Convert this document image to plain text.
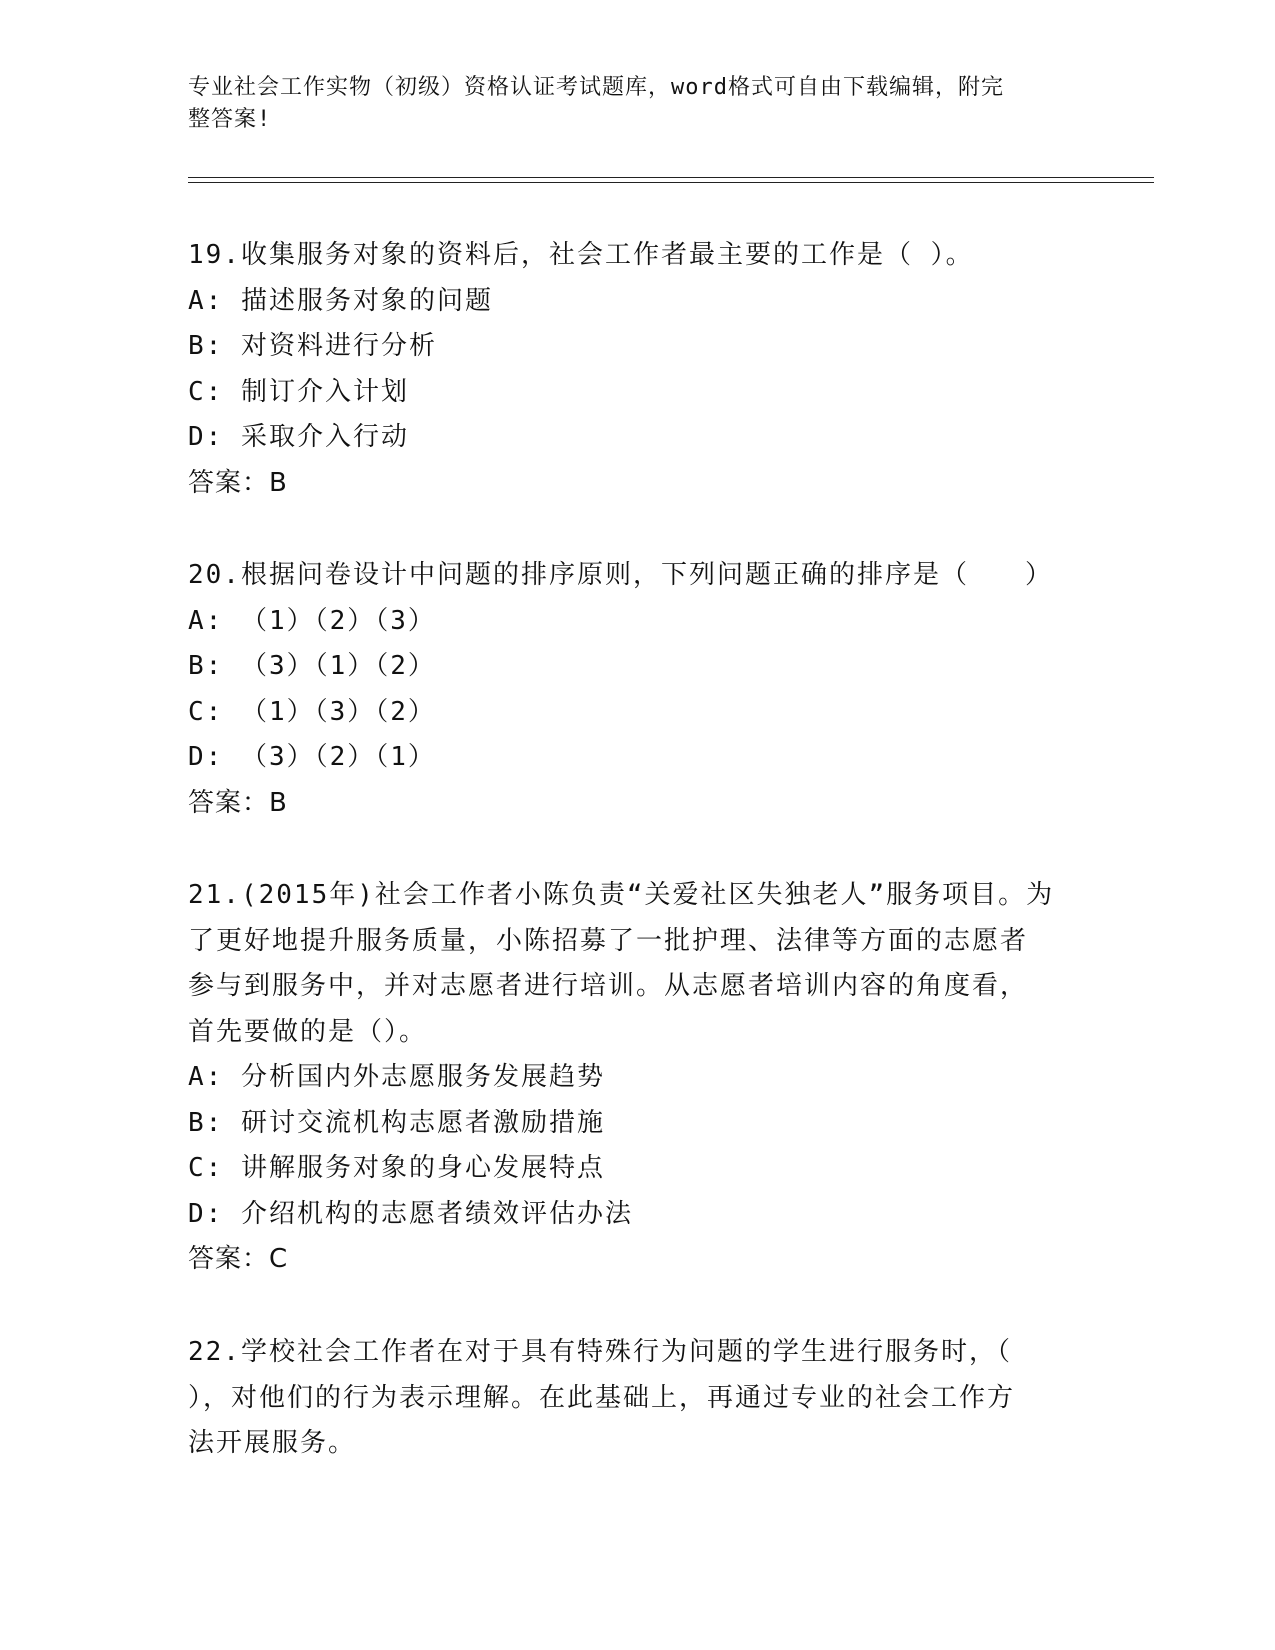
专业社会工作实物（初级）资格认证考试题库，word格式可自由下载编辑，附完
整答案!

19.收集服务对象的资料后，社会工作者最主要的工作是（ ）。

A: 描述服务对象的问题

B: 对资料进行分析

C: 制订介入计划

D: 采取介入行动

答案：B

20.根据问卷设计中问题的排序原则，下列问题正确的排序是（　　）

A: （1）（2）（3）

B: （3）（1）（2）

C: （1）（3）（2）

D: （3）（2）（1）

答案：B

21.(2015年)社会工作者小陈负责“关爱社区失独老人”服务项目。为

了更好地提升服务质量，小陈招募了一批护理、法律等方面的志愿者

参与到服务中，并对志愿者进行培训。从志愿者培训内容的角度看，

首先要做的是（）。

A: 分析国内外志愿服务发展趋势

B: 研讨交流机构志愿者激励措施

C: 讲解服务对象的身心发展特点

D: 介绍机构的志愿者绩效评估办法

答案：C

22.学校社会工作者在对于具有特殊行为问题的学生进行服务时，（

），对他们的行为表示理解。在此基础上，再通过专业的社会工作方

法开展服务。
